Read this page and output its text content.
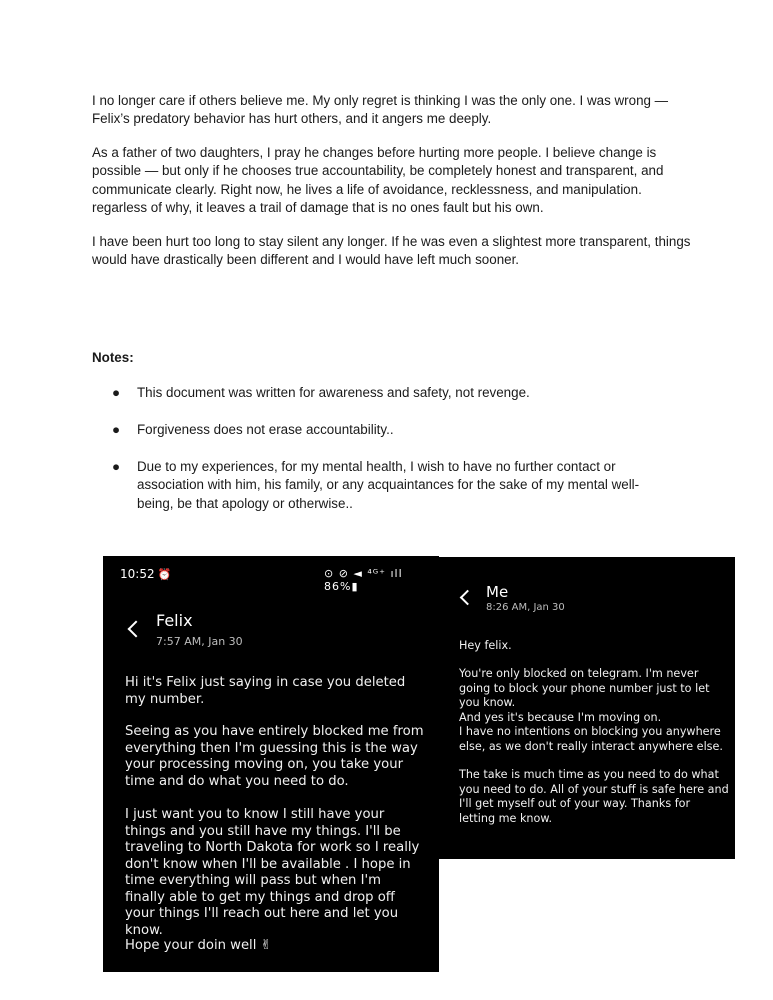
I no longer care if others believe me. My only regret is thinking I was the only one. I was wrong — Felix’s predatory behavior has hurt others, and it angers me deeply.

As a father of two daughters, I pray he changes before hurting more people. I believe change is possible — but only if he chooses true accountability, be completely honest and transparent, and communicate clearly. Right now, he lives a life of avoidance, recklessness, and manipulation. regarless of why, it leaves a trail of damage that is no ones fault but his own.

I have been hurt too long to stay silent any longer. If he was even a slightest more transparent, things would have drastically been different and I would have left much sooner.

Notes:

● This document was written for awareness and safety, not revenge.
● Forgiveness does not erase accountability..
● Due to my experiences, for my mental health, I wish to have no further contact or association with him, his family, or any acquaintances for the sake of my mental well-being, be that apology or otherwise..
10:52 ⏰	⊙ ⊘ ◄ ⁴ᴳ⁺ ıll 86%▮
Felix
7:57 AM, Jan 30

Hi it's Felix just saying in case you deleted my number.

Seeing as you have entirely blocked me from everything then I'm guessing this is the way your processing moving on, you take your time and do what you need to do.

I just want you to know I still have your things and you still have my things. I'll be traveling to North Dakota for work so I really don't know when I'll be available . I hope in time everything will pass but when I'm finally able to get my things and drop off your things I'll reach out here and let you know.

Hope your doin well ✌

Me
8:26 AM, Jan 30

Hey felix.

You're only blocked on telegram. I'm never going to block your phone number just to let you know.
And yes it's because I'm moving on.
I have no intentions on blocking you anywhere else, as we don't really interact anywhere else.

The take is much time as you need to do what you need to do. All of your stuff is safe here and I'll get myself out of your way. Thanks for letting me know.
